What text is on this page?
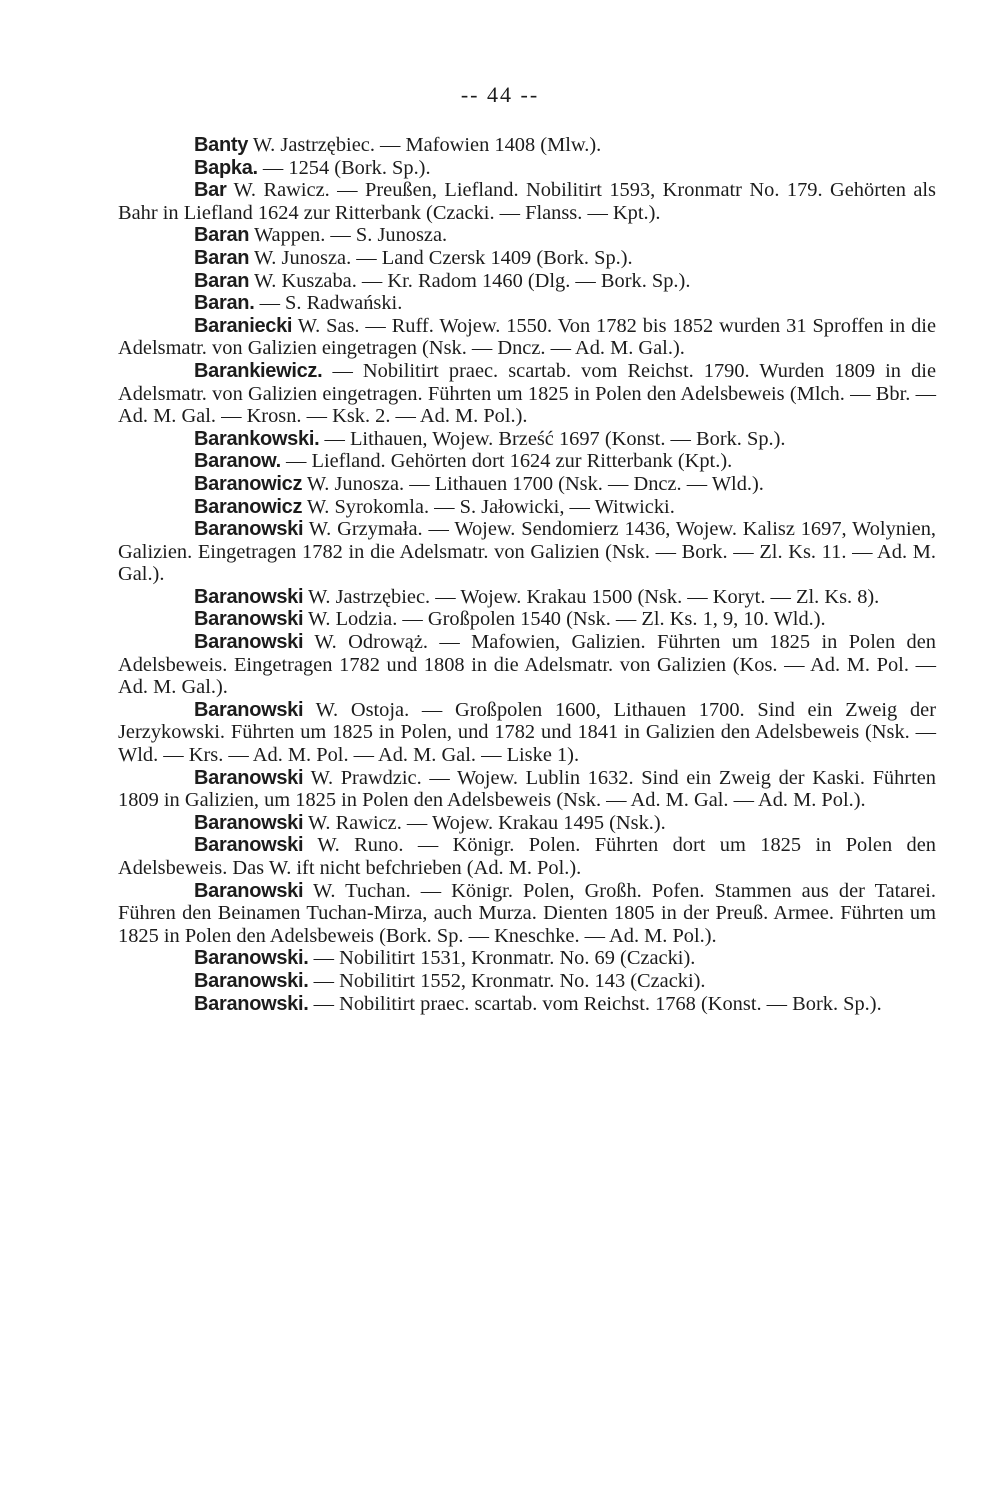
-- 44 --

Banty W. Jastrzębiec. — Mafowien 1408 (Mlw.).

Bapka. — 1254 (Bork. Sp.).

Bar W. Rawicz. — Preußen, Liefland. Nobilitirt 1593, Kronmatr No. 179. Gehörten als Bahr in Liefland 1624 zur Ritterbank (Czacki. — Flanss. — Kpt.).

Baran Wappen. — S. Junosza.

Baran W. Junosza. — Land Czersk 1409 (Bork. Sp.).

Baran W. Kuszaba. — Kr. Radom 1460 (Dlg. — Bork. Sp.).

Baran. — S. Radwański.

Baraniecki W. Sas. — Ruff. Wojew. 1550. Von 1782 bis 1852 wurden 31 Sproffen in die Adelsmatr. von Galizien eingetragen (Nsk. — Dncz. — Ad. M. Gal.).

Barankiewicz. — Nobilitirt praec. scartab. vom Reichst. 1790. Wurden 1809 in die Adelsmatr. von Galizien eingetragen. Führten um 1825 in Polen den Adelsbeweis (Mlch. — Bbr. — Ad. M. Gal. — Krosn. — Ksk. 2. — Ad. M. Pol.).

Barankowski. — Lithauen, Wojew. Brześć 1697 (Konst. — Bork. Sp.).

Baranow. — Liefland. Gehörten dort 1624 zur Ritterbank (Kpt.).

Baranowicz W. Junosza. — Lithauen 1700 (Nsk. — Dncz. — Wld.).

Baranowicz W. Syrokomla. — S. Jałowicki, — Witwicki.

Baranowski W. Grzymała. — Wojew. Sendomierz 1436, Wojew. Kalisz 1697, Wolynien, Galizien. Eingetragen 1782 in die Adelsmatr. von Galizien (Nsk. — Bork. — Zl. Ks. 11. — Ad. M. Gal.).

Baranowski W. Jastrzębiec. — Wojew. Krakau 1500 (Nsk. — Koryt. — Zl. Ks. 8).

Baranowski W. Lodzia. — Großpolen 1540 (Nsk. — Zl. Ks. 1, 9, 10. Wld.).

Baranowski W. Odrowąż. — Mafowien, Galizien. Führten um 1825 in Polen den Adelsbeweis. Eingetragen 1782 und 1808 in die Adelsmatr. von Galizien (Kos. — Ad. M. Pol. — Ad. M. Gal.).

Baranowski W. Ostoja. — Großpolen 1600, Lithauen 1700. Sind ein Zweig der Jerzykowski. Führten um 1825 in Polen, und 1782 und 1841 in Galizien den Adelsbeweis (Nsk. — Wld. — Krs. — Ad. M. Pol. — Ad. M. Gal. — Liske 1).

Baranowski W. Prawdzic. — Wojew. Lublin 1632. Sind ein Zweig der Kaski. Führten 1809 in Galizien, um 1825 in Polen den Adelsbeweis (Nsk. — Ad. M. Gal. — Ad. M. Pol.).

Baranowski W. Rawicz. — Wojew. Krakau 1495 (Nsk.).

Baranowski W. Runo. — Königr. Polen. Führten dort um 1825 in Polen den Adelsbeweis. Das W. ift nicht befchrieben (Ad. M. Pol.).

Baranowski W. Tuchan. — Königr. Polen, Großh. Pofen. Stammen aus der Tatarei. Führen den Beinamen Tuchan-Mirza, auch Murza. Dienten 1805 in der Preuß. Armee. Führten um 1825 in Polen den Adelsbeweis (Bork. Sp. — Kneschke. — Ad. M. Pol.).

Baranowski. — Nobilitirt 1531, Kronmatr. No. 69 (Czacki).

Baranowski. — Nobilitirt 1552, Kronmatr. No. 143 (Czacki).

Baranowski. — Nobilitirt praec. scartab. vom Reichst. 1768 (Konst. — Bork. Sp.).
